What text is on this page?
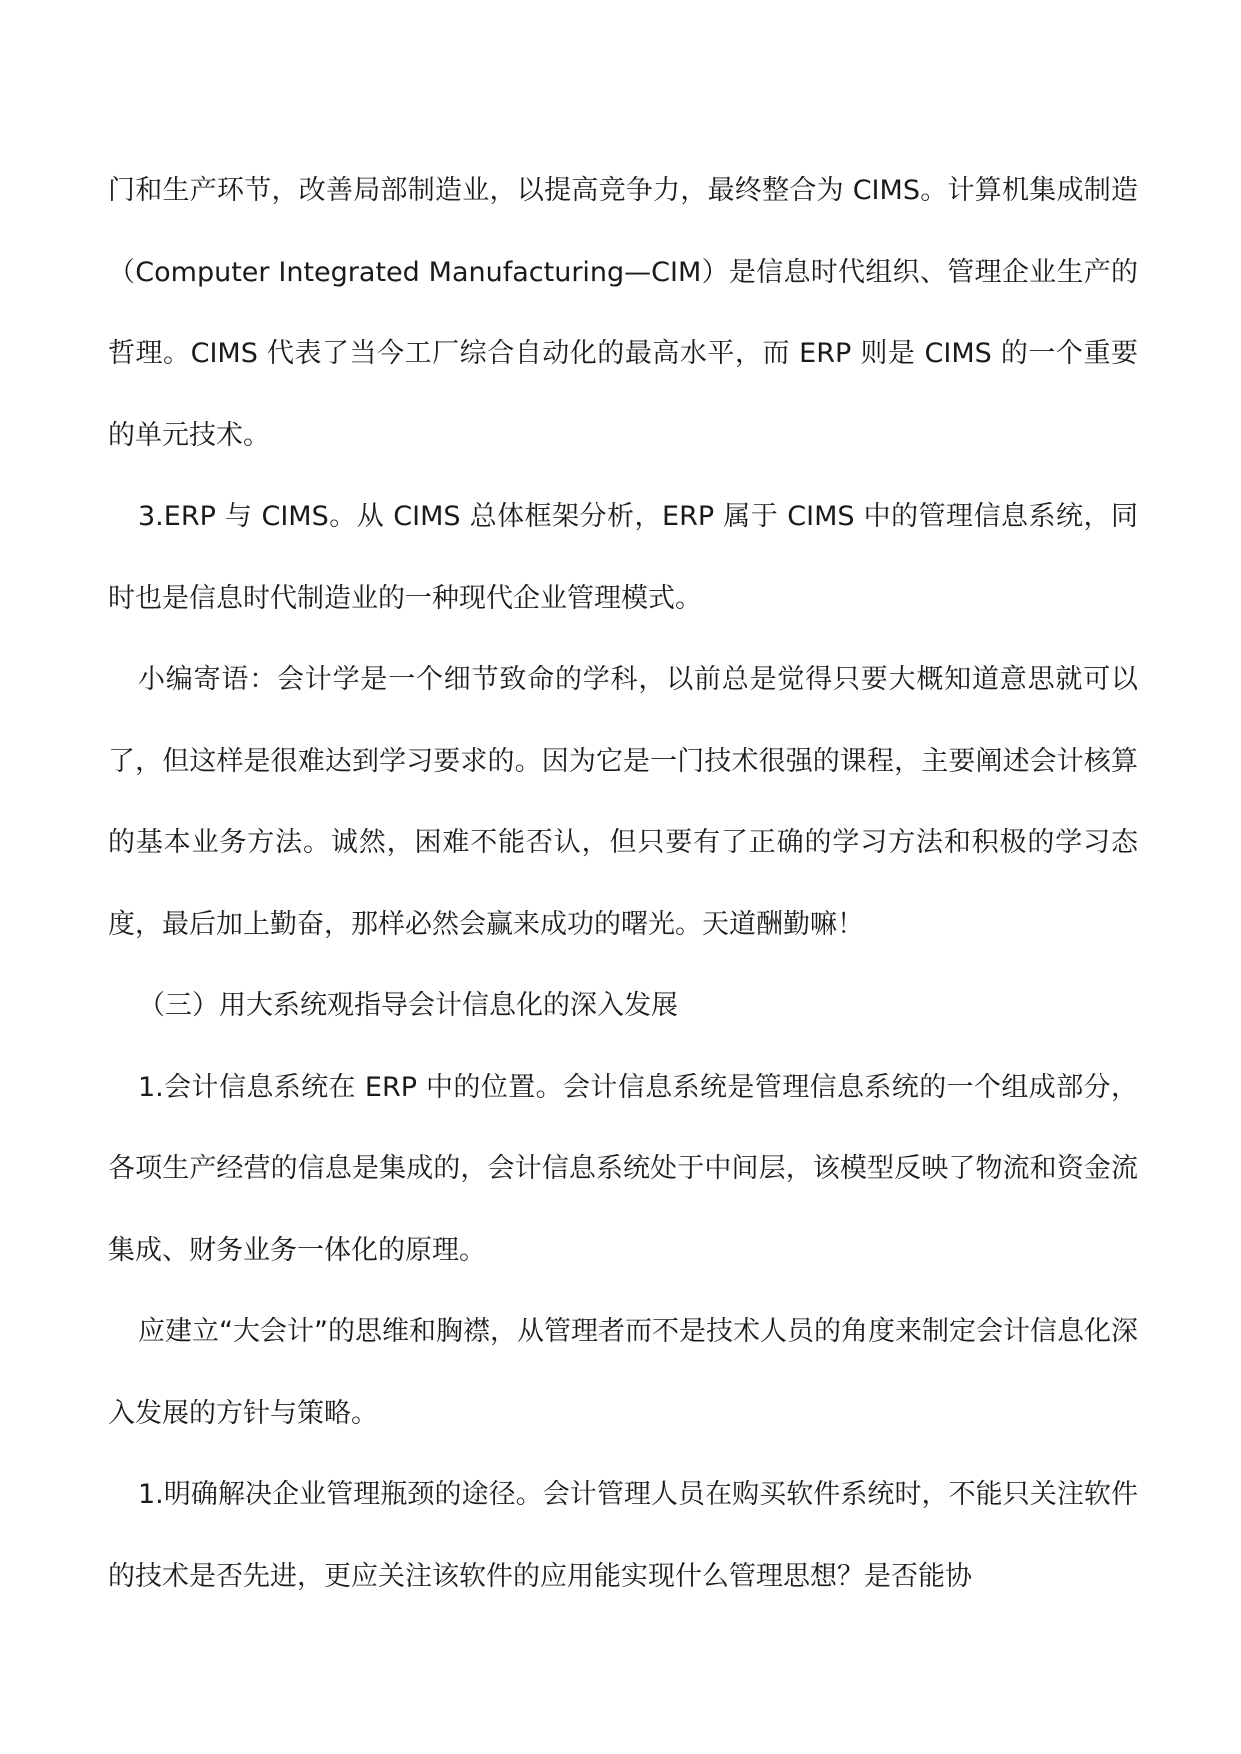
门和生产环节，改善局部制造业，以提高竞争力，最终整合为 CIMS。计算机集成制造（Computer Integrated Manufacturing—CIM）是信息时代组织、管理企业生产的哲理。CIMS 代表了当今工厂综合自动化的最高水平，而 ERP 则是 CIMS 的一个重要的单元技术。

3.ERP 与 CIMS。从 CIMS 总体框架分析，ERP 属于 CIMS 中的管理信息系统，同时也是信息时代制造业的一种现代企业管理模式。

小编寄语：会计学是一个细节致命的学科，以前总是觉得只要大概知道意思就可以了，但这样是很难达到学习要求的。因为它是一门技术很强的课程，主要阐述会计核算的基本业务方法。诚然，困难不能否认，但只要有了正确的学习方法和积极的学习态度，最后加上勤奋，那样必然会赢来成功的曙光。天道酬勤嘛！

（三）用大系统观指导会计信息化的深入发展

1.会计信息系统在 ERP 中的位置。会计信息系统是管理信息系统的一个组成部分，各项生产经营的信息是集成的，会计信息系统处于中间层，该模型反映了物流和资金流集成、财务业务一体化的原理。

应建立“大会计”的思维和胸襟，从管理者而不是技术人员的角度来制定会计信息化深入发展的方针与策略。

1.明确解决企业管理瓶颈的途径。会计管理人员在购买软件系统时，不能只关注软件的技术是否先进，更应关注该软件的应用能实现什么管理思想？是否能协
